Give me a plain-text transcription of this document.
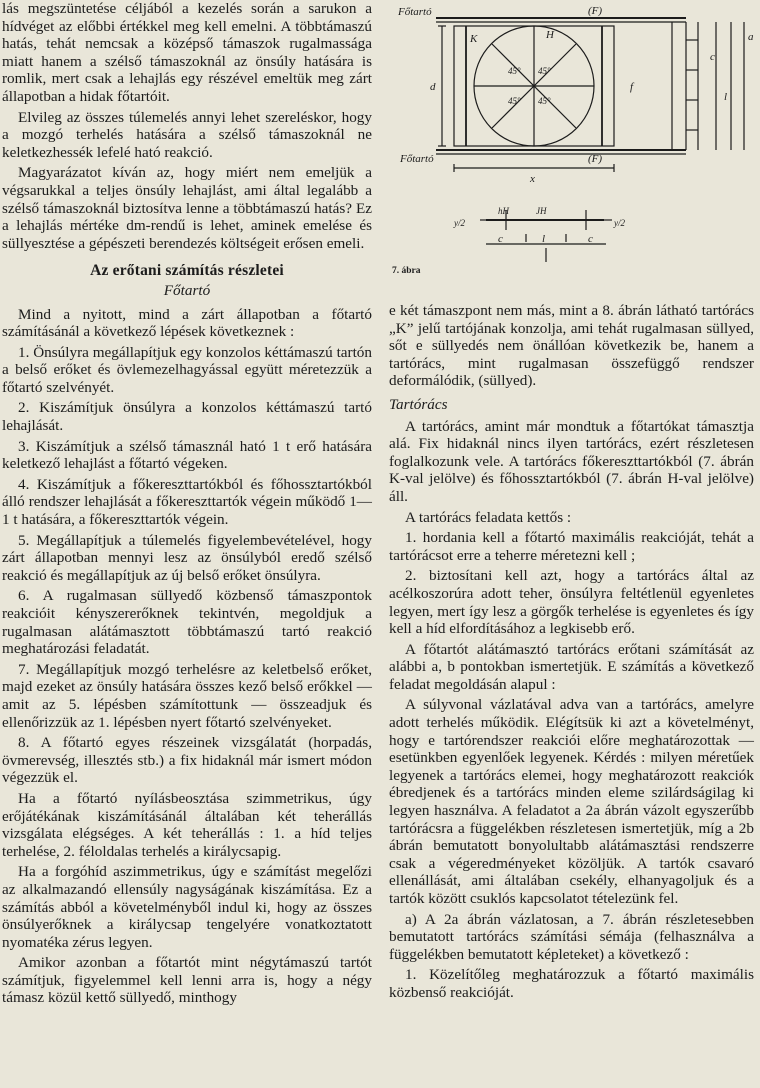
lás megszüntetése céljából a kezelés során a sarukon a hídvéget az előbbi értékkel meg kell emelni. A többtámaszú hatás, tehát nemcsak a középső támaszok rugalmassága miatt hanem a szélső támaszoknál az önsúly hatására is romlik, mert csak a lehajlás egy részével emeltük meg zárt állapotban a hidak főtartóit.

Elvileg az összes túlemelés annyi lehet szereléskor, hogy a mozgó terhelés hatására a szélső támaszoknál ne keletkezhessék lefelé ható reakció.

Magyarázatot kíván az, hogy miért nem emeljük a végsarukkal a teljes önsúly lehajlást, ami által legalább a szélső támaszoknál biztosítva lenne a többtámaszú hatás? Ez a lehajlás mértéke dm-rendű is lehet, aminek emelése és süllyesztése a gépészeti berendezés költségeit erősen emeli.

Az erőtani számítás részletei
Főtartó

Mind a nyitott, mind a zárt állapotban a főtartó számításánál a következő lépések következnek :

1. Önsúlyra megállapítjuk egy konzolos kéttámaszú tartón a belső erőket és övlemezelhagyással együtt méretezzük a főtartó szelvényét.

2. Kiszámítjuk önsúlyra a konzolos kéttámaszú tartó lehajlását.

3. Kiszámítjuk a szélső támasznál ható 1 t erő hatására keletkező lehajlást a főtartó végeken.

4. Kiszámítjuk a főkereszttartókból és főhossztartókból álló rendszer lehajlását a főkereszttartók végein működő 1—1 t hatására, a főkereszttartók végein.

5. Megállapítjuk a túlemelés figyelembevételével, hogy zárt állapotban mennyi lesz az önsúlyból eredő szélső reakció és megállapítjuk az új belső erőket önsúlyra.

6. A rugalmasan süllyedő közbenső támaszpontok reakcióit kényszererőknek tekintvén, megoldjuk a rugalmasan alátámasztott többtámaszú tartó reakció meghatározási feladatát.

7. Megállapítjuk mozgó terhelésre az keletbelső erőket, majd ezeket az önsúly hatására összes kező belső erőkkel — amit az 5. lépésben számítottunk — összeadjuk és ellenőrizzük az 1. lépésben nyert főtartó szelvényeket.

8. A főtartó egyes részeinek vizsgálatát (horpadás, övmerevség, illesztés stb.) a fix hidaknál már ismert módon végezzük el.

Ha a főtartó nyílásbeosztása szimmetrikus, úgy erőjátékának kiszámításánál általában két teherállás vizsgálata elégséges. A két teherállás : 1. a híd teljes terhelése, 2. féloldalas terhelés a királycsapig.

Ha a forgóhíd aszimmetrikus, úgy e számítást megelőzi az alkalmazandó ellensúly nagyságának kiszámítása. Ez a számítás abból a követelményből indul ki, hogy az összes önsúlyerőknek a királycsap tengelyére vonatkoztatott nyomatéka zérus legyen.

Amikor azonban a főtartót mint négytámaszú tartót számítjuk, figyelemmel kell lenni arra is, hogy a négy támasz közül kettő süllyedő, minthogy

Főtartó
Főtartó
(F)
(F)
K	H
45°
45°
45° 45°
d	f
x
a
c
l
hH	JH
y/2	y/2
c	l	c
7. ábra

e két támaszpont nem más, mint a 8. ábrán látható tartórács „K” jelű tartójának konzolja, ami tehát rugalmasan süllyed, sőt e süllyedés nem önállóan következik be, hanem a tartórács, mint rugalmasan összefüggő rendszer deformálódik, (süllyed).

Tartórács

A tartórács, amint már mondtuk a főtartókat támasztja alá. Fix hidaknál nincs ilyen tartórács, ezért részletesen foglalkozunk vele. A tartórács főkereszttartókból (7. ábrán K-val jelölve) és főhossztartókból (7. ábrán H-val jelölve) áll.

A tartórács feladata kettős :

1. hordania kell a főtartó maximális reakcióját, tehát a tartórácsot erre a teherre méretezni kell ;

2. biztosítani kell azt, hogy a tartórács által az acélkoszorúra adott teher, önsúlyra feltétlenül egyenletes legyen, mert így lesz a görgők terhelése is egyenletes és így kell a híd elfordításához a legkisebb erő.

A főtartót alátámasztó tartórács erőtani számítását az alábbi a, b pontokban ismertetjük. E számítás a következő feladat megoldásán alapul :

A súlyvonal vázlatával adva van a tartórács, amelyre adott terhelés működik. Elégítsük ki azt a követelményt, hogy e tartórendszer reakciói előre meghatározottak — esetünkben egyenlőek legyenek. Kérdés : milyen méretűek legyenek a tartórács elemei, hogy meghatározott reakciók ébredjenek és a tartórács minden eleme szilárdságilag ki legyen használva. A feladatot a 2a ábrán vázolt egyszerűbb tartórácsra a függelékben részletesen ismertetjük, míg a 2b ábrán bemutatott bonyolultabb alátámasztási rendszerre csak a végeredményeket közöljük. A tartók csavaró ellenállását, ami általában csekély, elhanyagoljuk és a tartók között csuklós kapcsolatot tételezünk fel.

a) A 2a ábrán vázlatosan, a 7. ábrán részletesebben bemutatott tartórács számítási sémája (felhasználva a függelékben bemutatott képleteket) a következő :

1. Közelítőleg meghatározzuk a főtartó maximális közbenső reakcióját.
